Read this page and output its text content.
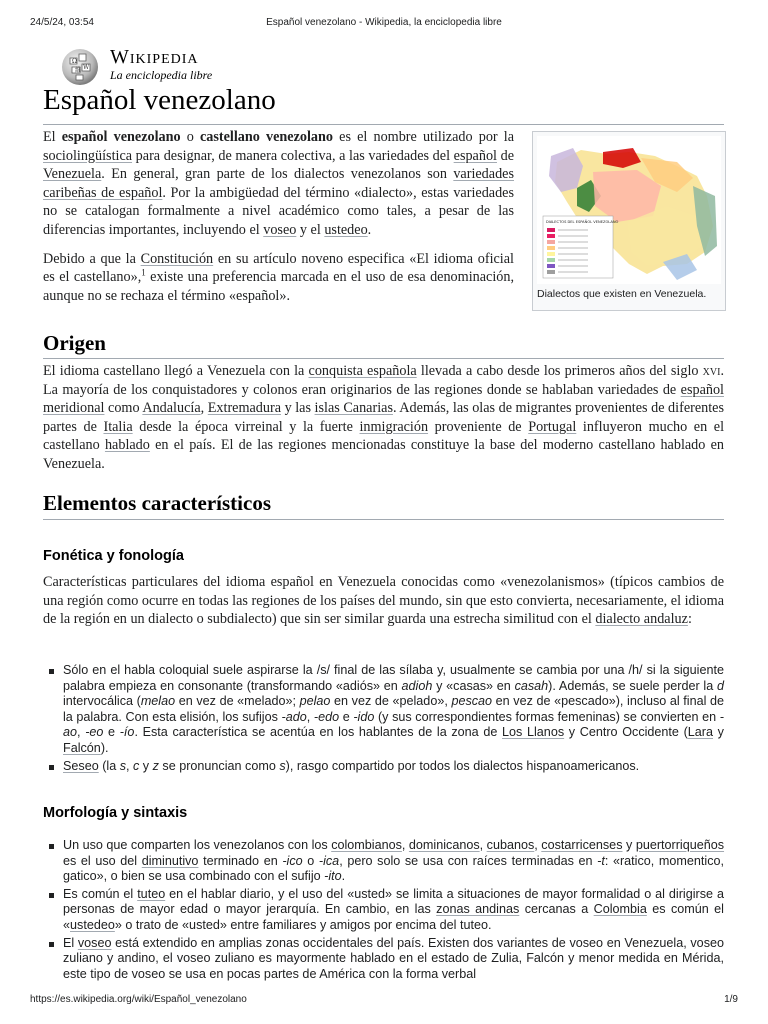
24/5/24, 03:54	Español venezolano - Wikipedia, la enciclopedia libre
Ω
W
維
Wikipedia
La enciclopedia libre
Español venezolano

El español venezolano o castellano venezolano es el nombre utilizado por la sociolingüística para designar, de manera colectiva, a las variedades del español de Venezuela. En general, gran parte de los dialectos venezolanos son variedades caribeñas de español. Por la ambigüedad del término «dialecto», estas variedades no se catalogan formalmente a nivel académico como tales, a pesar de las diferencias importantes, incluyendo el voseo y el ustedeo.

Debido a que la Constitución en su artículo noveno especifica «El idioma oficial es el castellano»,$^1$ existe una preferencia marcada en el uso de esa denominación, aunque no se rechaza el término «español».

DIALECTOS DEL ESPAÑOL VENEZOLANO
Dialectos que existen en Venezuela.
Origen

El idioma castellano llegó a Venezuela con la conquista española llevada a cabo desde los primeros años del siglo xvi. La mayoría de los conquistadores y colonos eran originarios de las regiones donde se hablaban variedades de español meridional como Andalucía, Extremadura y las islas Canarias. Además, las olas de migrantes provenientes de diferentes partes de Italia desde la época virreinal y la fuerte inmigración proveniente de Portugal influyeron mucho en el castellano hablado en el país. El de las regiones mencionadas constituye la base del moderno castellano hablado en Venezuela.

Elementos característicos
Fonética y fonología

Características particulares del idioma español en Venezuela conocidas como «venezolanismos» (típicos cambios de una región como ocurre en todas las regiones de los países del mundo, sin que esto convierta, necesariamente, el idioma de la región en un dialecto o subdialecto) que sin ser similar guarda una estrecha similitud con el dialecto andaluz:

Sólo en el habla coloquial suele aspirarse la /s/ final de las sílaba y, usualmente se cambia por una /h/ si la siguiente palabra empieza en consonante (transformando «adiós» en adioh y «casas» en casah). Además, se suele perder la d intervocálica (melao en vez de «melado»; pelao en vez de «pelado», pescao en vez de «pescado»), incluso al final de la palabra. Con esta elisión, los sufijos -ado, -edo e -ido (y sus correspondientes formas femeninas) se convierten en -ao, -eo e -ío. Esta característica se acentúa en los hablantes de la zona de Los Llanos y Centro Occidente (Lara y Falcón).
Seseo (la s, c y z se pronuncian como s), rasgo compartido por todos los dialectos hispanoamericanos.
Morfología y sintaxis
Un uso que comparten los venezolanos con los colombianos, dominicanos, cubanos, costarricenses y puertorriqueños es el uso del diminutivo terminado en -ico o -ica, pero solo se usa con raíces terminadas en -t: «ratico, momentico, gatico», o bien se usa combinado con el sufijo -ito.
Es común el tuteo en el hablar diario, y el uso del «usted» se limita a situaciones de mayor formalidad o al dirigirse a personas de mayor edad o mayor jerarquía. En cambio, en las zonas andinas cercanas a Colombia es común el «ustedeo» o trato de «usted» entre familiares y amigos por encima del tuteo.
El voseo está extendido en amplias zonas occidentales del país. Existen dos variantes de voseo en Venezuela, voseo zuliano y andino, el voseo zuliano es mayormente hablado en el estado de Zulia, Falcón y menor medida en Mérida, este tipo de voseo se usa en pocas partes de América con la forma verbal
https://es.wikipedia.org/wiki/Español_venezolano	1/9
